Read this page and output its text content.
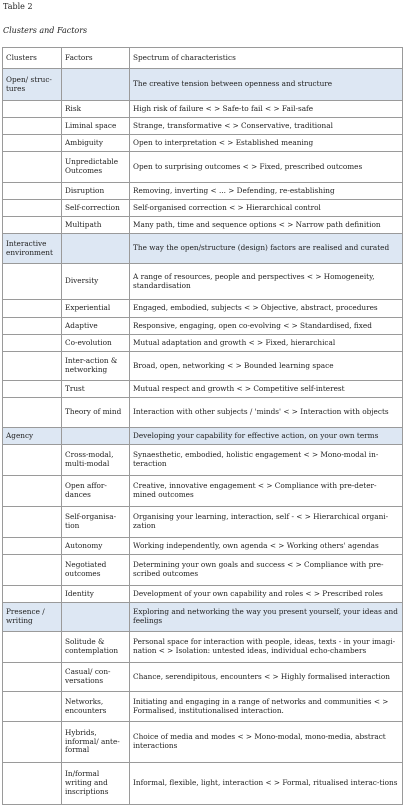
Table 2
Clusters and Factors
Clusters	Factors	Spectrum of characteristics
Open/ struc-tures		The creative tension between openness and structure
	Risk	High risk of failure < > Safe-to fail < > Fail-safe
	Liminal space	Strange, transformative < > Conservative, traditional
	Ambiguity	Open to interpretation < > Established meaning
	Unpredictable Outcomes	Open to surprising outcomes < > Fixed, prescribed outcomes
	Disruption	Removing, inverting < ... > Defending, re-establishing
	Self-correction	Self-organised correction < > Hierarchical control
	Multipath	Many path, time and sequence options < > Narrow path definition
Interactive environment		The way the open/structure (design) factors are realised and curated
	Diversity	A range of resources, people and perspectives < > Homogeneity, standardisation
	Experiential	Engaged, embodied, subjects < > Objective, abstract, procedures
	Adaptive	Responsive, engaging, open co-evolving < > Standardised, fixed
	Co-evolution	Mutual adaptation and growth < > Fixed, hierarchical
	Inter-action & networking	Broad, open, networking < > Bounded learning space
	Trust	Mutual respect and growth < > Competitive self-interest
	Theory of mind	Interaction with other subjects / 'minds' < > Interaction with objects
Agency		Developing your capability for effective action, on your own terms
	Cross-modal, multi-modal	Synaesthetic, embodied, holistic engagement < > Mono-modal in-teraction
	Open affor-dances	Creative, innovative engagement < > Compliance with pre-deter-mined outcomes
	Self-organisa-tion	Organising your learning, interaction, self - < > Hierarchical organi-zation
	Autonomy	Working independently, own agenda < > Working others' agendas
	Negotiated outcomes	Determining your own goals and success < > Compliance with pre-scribed outcomes
	Identity	Development of your own capability and roles < > Prescribed roles
Presence / writing		Exploring and networking the way you present yourself, your ideas and feelings
	Solitude & contemplation	Personal space for interaction with people, ideas, texts - in your imagi-nation < > Isolation: untested ideas, individual echo-chambers
	Casual/ con-versations	Chance, serendipitous, encounters < > Highly formalised interaction
	Networks, encounters	Initiating and engaging in a range of networks and communities < > Formalised, institutionalised interaction.
	Hybrids, informal/ ante-formal	Choice of media and modes < > Mono-modal, mono-media, abstract interactions
	In/formal writing and inscriptions	Informal, flexible, light, interaction < > Formal, ritualised interac-tions
